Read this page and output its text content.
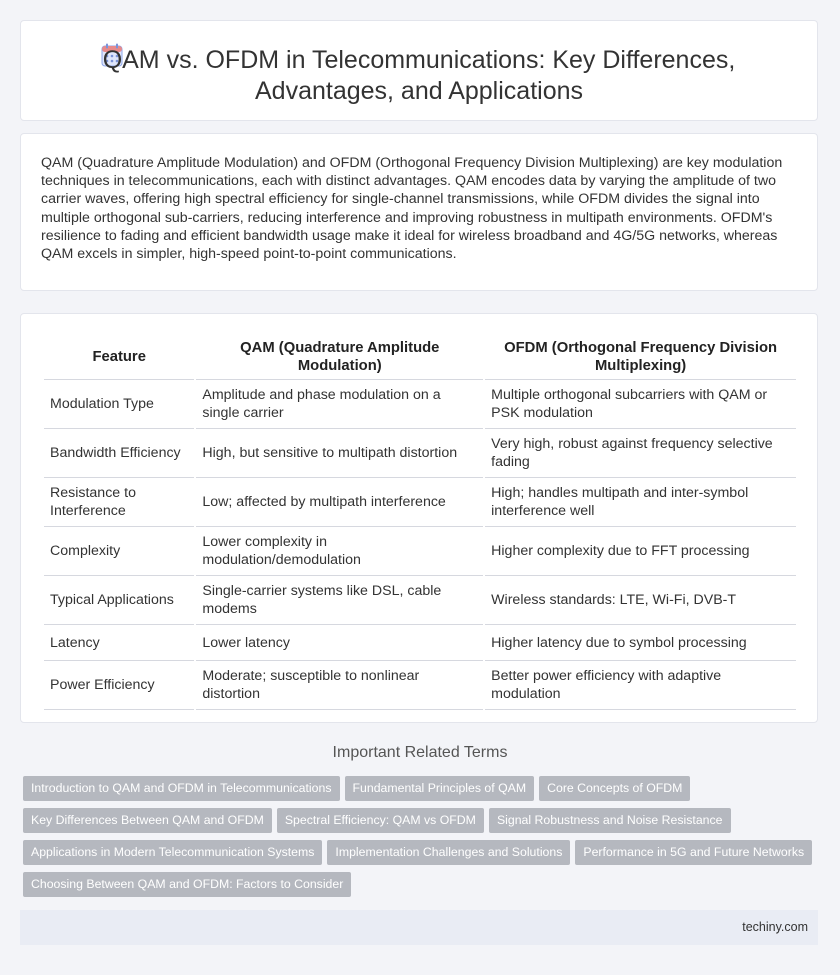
QAM vs. OFDM in Telecommunications: Key Differences, Advantages, and Applications

QAM (Quadrature Amplitude Modulation) and OFDM (Orthogonal Frequency Division Multiplexing) are key modulation techniques in telecommunications, each with distinct advantages. QAM encodes data by varying the amplitude of two carrier waves, offering high spectral efficiency for single-channel transmissions, while OFDM divides the signal into multiple orthogonal sub-carriers, reducing interference and improving robustness in multipath environments. OFDM's resilience to fading and efficient bandwidth usage make it ideal for wireless broadband and 4G/5G networks, whereas QAM excels in simpler, high-speed point-to-point communications.

Feature	QAM (Quadrature Amplitude Modulation)	OFDM (Orthogonal Frequency Division Multiplexing)
Modulation Type	Amplitude and phase modulation on a single carrier	Multiple orthogonal subcarriers with QAM or PSK modulation
Bandwidth Efficiency	High, but sensitive to multipath distortion	Very high, robust against frequency selective fading
Resistance to Interference	Low; affected by multipath interference	High; handles multipath and inter-symbol interference well
Complexity	Lower complexity in modulation/demodulation	Higher complexity due to FFT processing
Typical Applications	Single-carrier systems like DSL, cable modems	Wireless standards: LTE, Wi-Fi, DVB-T
Latency	Lower latency	Higher latency due to symbol processing
Power Efficiency	Moderate; susceptible to nonlinear distortion	Better power efficiency with adaptive modulation
Important Related Terms
Introduction to QAM and OFDM in Telecommunications Fundamental Principles of QAM Core Concepts of OFDM
Key Differences Between QAM and OFDM Spectral Efficiency: QAM vs OFDM Signal Robustness and Noise Resistance
Applications in Modern Telecommunication Systems Implementation Challenges and Solutions Performance in 5G and Future Networks
Choosing Between QAM and OFDM: Factors to Consider
techiny.com
